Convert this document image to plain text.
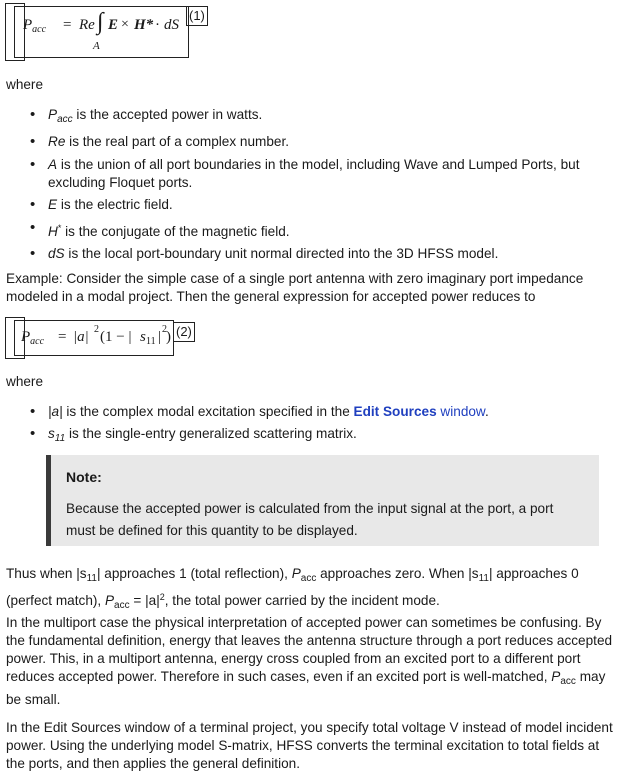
$P_{acc} = Re$ ∫ E × H* · dS
A
(1)

where

• $P_{acc}$ is the accepted power in watts.
• Re is the real part of a complex number.
• A is the union of all port boundaries in the model, including Wave and Lumped Ports, but excluding Floquet ports.
• E is the electric field.
• H* is the conjugate of the magnetic field.
• dS is the local port-boundary unit normal directed into the 3D HFSS model.

Example: Consider the simple case of a single port antenna with zero imaginary port impedance modeled in a modal project. Then the general expression for accepted power reduces to

$P_{acc} = |a|$ 2 (1 − | s 11 | 2 ) (2)

where

• |a| is the complex modal excitation specified in the Edit Sources window.
• $s_{11}$ is the single-entry generalized scattering matrix.
Note:
Because the accepted power is calculated from the input signal at the port, a port must be defined for this quantity to be displayed.

Thus when $|s_{11}|$ approaches 1 (total reflection), $P_{acc}$ approaches zero. When $|s_{11}|$ approaches 0 (perfect match), $P_{acc} = |a|^2$, the total power carried by the incident mode.

In the multiport case the physical interpretation of accepted power can sometimes be confusing. By the fundamental definition, energy that leaves the antenna structure through a port reduces accepted power. This, in a multiport antenna, energy cross coupled from an excited port to a different port reduces accepted power. Therefore in such cases, even if an excited port is well-matched, $P_{acc}$ may be small.

In the Edit Sources window of a terminal project, you specify total voltage V instead of model incident power. Using the underlying model S-matrix, HFSS converts the terminal excitation to total fields at the ports, and then applies the general definition.
